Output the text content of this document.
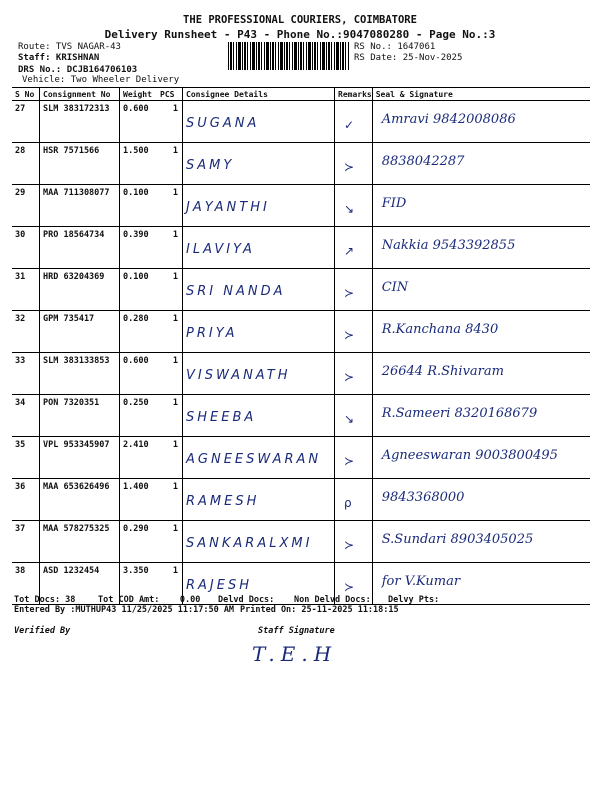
THE PROFESSIONAL COURIERS, COIMBATORE
Delivery Runsheet - P43 - Phone No.:9047080280 - Page No.:3
Route: TVS NAGAR-43
Staff: KRISHNAN
DRS No.: DCJB164706103
Vehicle: Two Wheeler Delivery
RS No.: 1647061
RS Date: 25-Nov-2025
S No	Consignment No	Weight	PCS	Consignee Details	Remarks	Seal & Signature
27	SLM 383172313	0.600	1	SUGANA	✓	Amravi 9842008086
28	HSR 7571566	1.500	1	SAMY	≻	8838042287
29	MAA 711308077	0.100	1	JAYANTHI	↘	FID
30	PRO 18564734	0.390	1	ILAVIYA	↗	Nakkia 9543392855
31	HRD 63204369	0.100	1	SRI NANDA	≻	CIN
32	GPM 735417	0.280	1	PRIYA	≻	R.Kanchana 8430
33	SLM 383133853	0.600	1	VISWANATH	≻	26644 R.Shivaram
34	PON 7320351	0.250	1	SHEEBA	↘	R.Sameeri 8320168679
35	VPL 953345907	2.410	1	AGNEESWARAN	≻	Agneeswaran 9003800495
36	MAA 653626496	1.400	1	RAMESH	ρ	9843368000
37	MAA 578275325	0.290	1	SANKARALXMI	≻	S.Sundari 8903405025
38	ASD 1232454	3.350	1	RAJESH	≻	for V.Kumar
Tot Docs: 38	Tot COD Amt:    0.00 Delvd Docs: Non Delvd Docs: Delvy Pts:
Entered By :MUTHUP43 11/25/2025 11:17:50 AM Printed On: 25-11-2025 11:18:15
Verified By	Staff Signature
T.E.H
